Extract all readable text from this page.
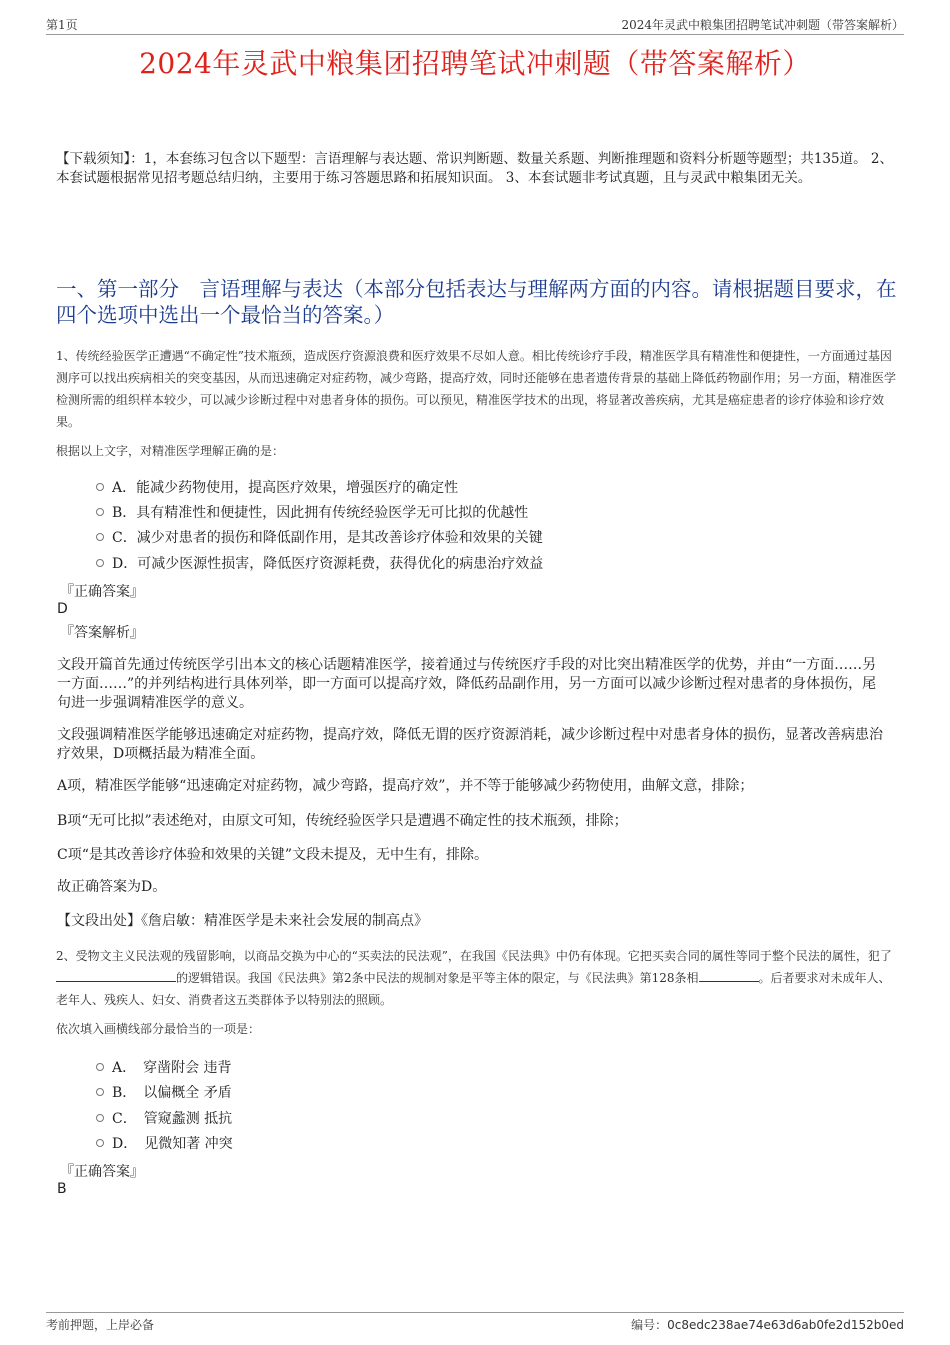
第1页	2024年灵武中粮集团招聘笔试冲刺题（带答案解析）
2024年灵武中粮集团招聘笔试冲刺题（带答案解析）
【下载须知】：1，本套练习包含以下题型：言语理解与表达题、常识判断题、数量关系题、判断推理题和资料分析题等题型；共135道。 2、本套试题根据常见招考题总结归纳，主要用于练习答题思路和拓展知识面。 3、本套试题非考试真题，且与灵武中粮集团无关。
一、第一部分　言语理解与表达（本部分包括表达与理解两方面的内容。请根据题目要求，在四个选项中选出一个最恰当的答案。）
1、传统经验医学正遭遇“不确定性”技术瓶颈，造成医疗资源浪费和医疗效果不尽如人意。相比传统诊疗手段，精准医学具有精准性和便捷性，一方面通过基因测序可以找出疾病相关的突变基因，从而迅速确定对症药物，减少弯路，提高疗效，同时还能够在患者遗传背景的基础上降低药物副作用；另一方面，精准医学检测所需的组织样本较少，可以减少诊断过程中对患者身体的损伤。可以预见，精准医学技术的出现，将显著改善疾病，尤其是癌症患者的诊疗体验和诊疗效果。
根据以上文字，对精准医学理解正确的是：
A．能减少药物使用，提高医疗效果，增强医疗的确定性
B．具有精准性和便捷性，因此拥有传统经验医学无可比拟的优越性
C．减少对患者的损伤和降低副作用，是其改善诊疗体验和效果的关键
D．可减少医源性损害，降低医疗资源耗费，获得优化的病患治疗效益
『正确答案』
D
『答案解析』
文段开篇首先通过传统医学引出本文的核心话题精准医学，接着通过与传统医疗手段的对比突出精准医学的优势，并由“一方面……另一方面……”的并列结构进行具体列举，即一方面可以提高疗效，降低药品副作用，另一方面可以减少诊断过程对患者的身体损伤，尾句进一步强调精准医学的意义。
文段强调精准医学能够迅速确定对症药物，提高疗效，降低无谓的医疗资源消耗，减少诊断过程中对患者身体的损伤，显著改善病患治疗效果，D项概括最为精准全面。
A项，精准医学能够“迅速确定对症药物，减少弯路，提高疗效”，并不等于能够减少药物使用，曲解文意，排除；
B项“无可比拟”表述绝对，由原文可知，传统经验医学只是遭遇不确定性的技术瓶颈，排除；
C项“是其改善诊疗体验和效果的关键”文段未提及，无中生有，排除。
故正确答案为D。
【文段出处】《詹启敏：精准医学是未来社会发展的制高点》
2、受物文主义民法观的残留影响，以商品交换为中心的“买卖法的民法观”，在我国《民法典》中仍有体现。它把买卖合同的属性等同于整个民法的属性，犯了的逻辑错误。我国《民法典》第2条中民法的规制对象是平等主体的限定，与《民法典》第128条相	。后者要求对未成年人、老年人、残疾人、妇女、消费者这五类群体予以特别法的照顾。
依次填入画横线部分最恰当的一项是：
A．　穿凿附会 违背
B．　以偏概全 矛盾
C．　管窥蠡测 抵抗
D．　见微知著 冲突
『正确答案』
B
考前押题，上岸必备	编号：0c8edc238ae74e63d6ab0fe2d152b0ed
